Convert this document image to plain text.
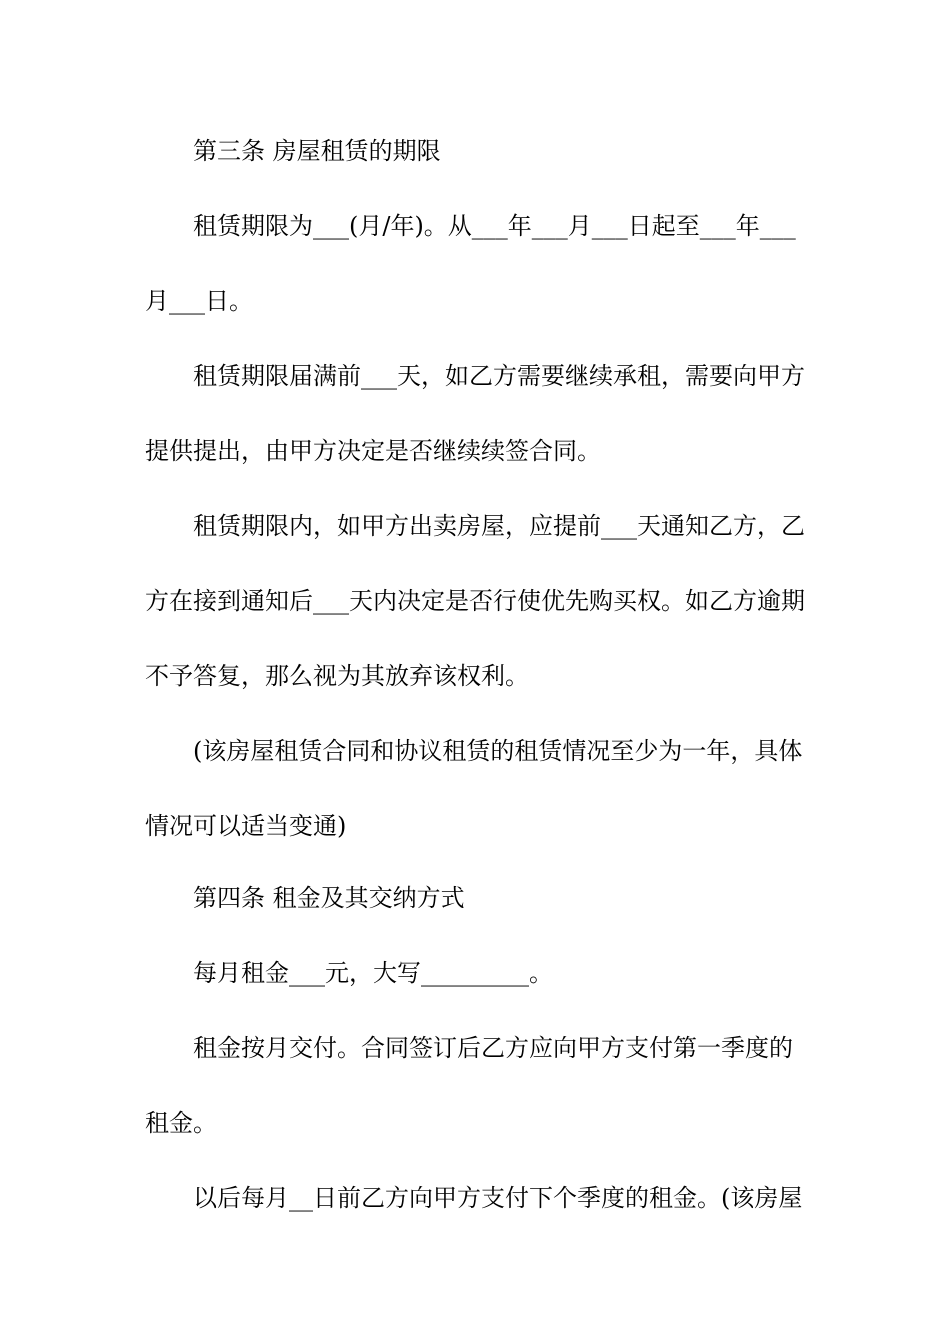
第三条 房屋租赁的期限
租赁期限为___(月/年)。从___年___月___日起至___年___
月___日。
租赁期限届满前___天，如乙方需要继续承租，需要向甲方
提供提出，由甲方决定是否继续续签合同。
租赁期限内，如甲方出卖房屋，应提前___天通知乙方，乙
方在接到通知后___天内决定是否行使优先购买权。如乙方逾期
不予答复，那么视为其放弃该权利。
(该房屋租赁合同和协议租赁的租赁情况至少为一年，具体
情况可以适当变通)
第四条 租金及其交纳方式
每月租金___元，大写_________。
租金按月交付。合同签订后乙方应向甲方支付第一季度的
租金。
以后每月__日前乙方向甲方支付下个季度的租金。(该房屋
